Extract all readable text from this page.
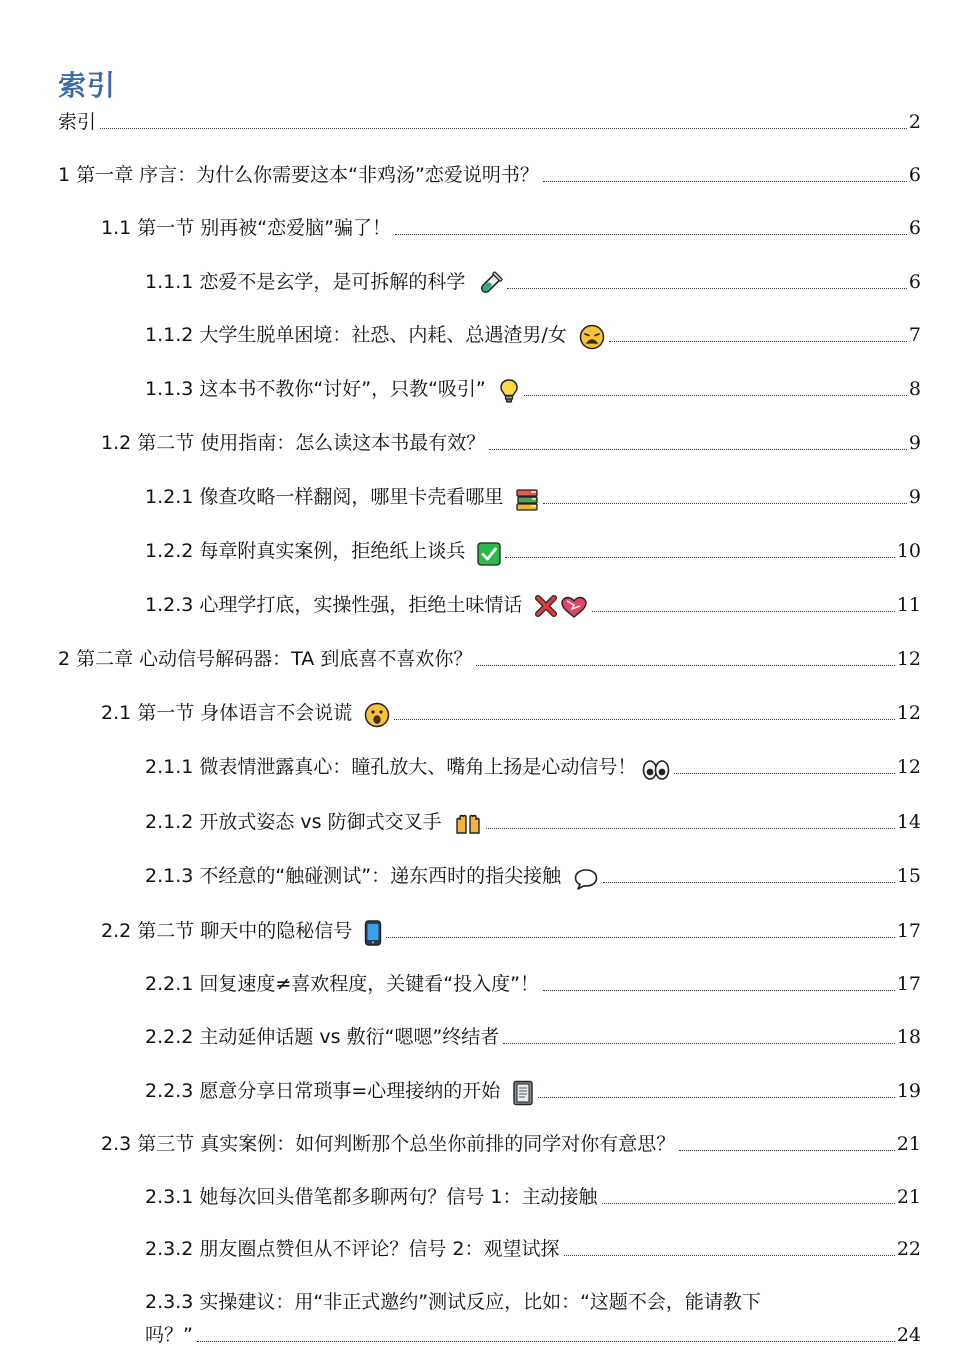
索引
索引	2
1 第一章 序言：为什么你需要这本“非鸡汤”恋爱说明书？	6
1.1 第一节 别再被“恋爱脑”骗了！	6
1.1.1 恋爱不是玄学，是可拆解的科学	6
1.1.2 大学生脱单困境：社恐、内耗、总遇渣男/女	7
1.1.3 这本书不教你“讨好”，只教“吸引”	8
1.2 第二节 使用指南：怎么读这本书最有效？	9
1.2.1 像查攻略一样翻阅，哪里卡壳看哪里	9
1.2.2 每章附真实案例，拒绝纸上谈兵	10
1.2.3 心理学打底，实操性强，拒绝土味情话	11
2 第二章 心动信号解码器：TA 到底喜不喜欢你？	12
2.1 第一节 身体语言不会说谎	12
2.1.1 微表情泄露真心：瞳孔放大、嘴角上扬是心动信号！	12
2.1.2 开放式姿态 vs 防御式交叉手	14
2.1.3 不经意的“触碰测试”：递东西时的指尖接触	15
2.2 第二节 聊天中的隐秘信号	17
2.2.1 回复速度≠喜欢程度，关键看“投入度”！	17
2.2.2 主动延伸话题 vs 敷衍“嗯嗯”终结者	18
2.2.3 愿意分享日常琐事=心理接纳的开始	19
2.3 第三节 真实案例：如何判断那个总坐你前排的同学对你有意思？	21
2.3.1 她每次回头借笔都多聊两句？信号 1：主动接触	21
2.3.2 朋友圈点赞但从不评论？信号 2：观望试探	22
2.3.3 实操建议：用“非正式邀约”测试反应，比如：“这题不会，能请教下
吗？”	24
